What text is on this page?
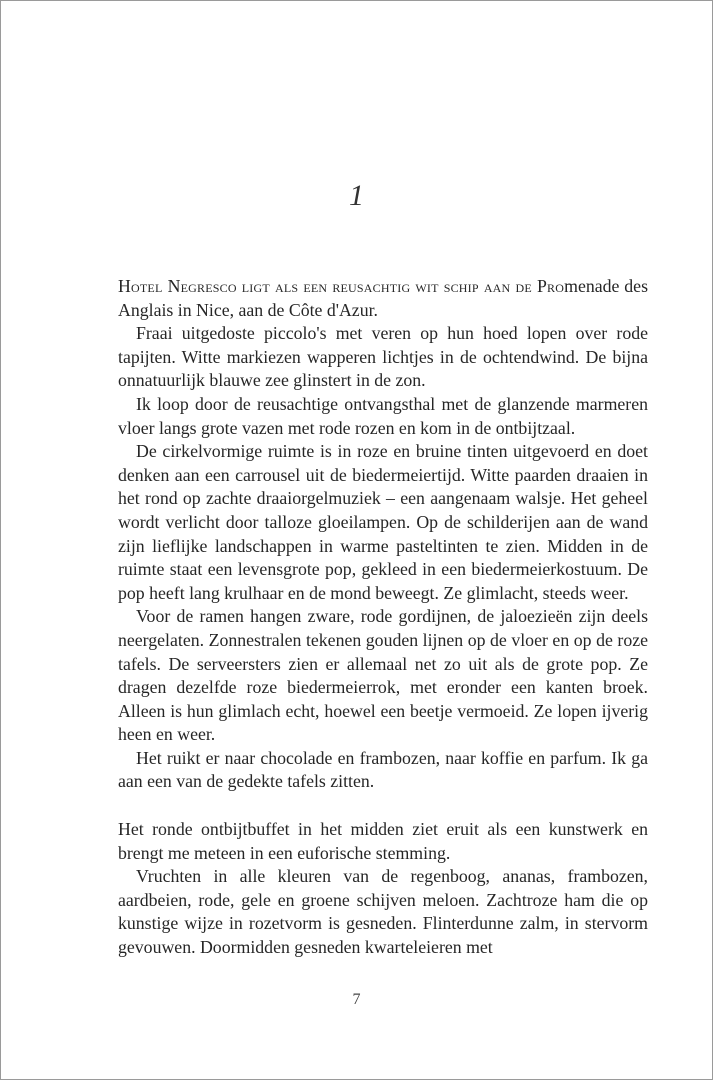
1

Hotel Negresco ligt als een reusachtig wit schip aan de Promenade des Anglais in Nice, aan de Côte d'Azur.

Fraai uitgedoste piccolo's met veren op hun hoed lopen over rode tapijten. Witte markiezen wapperen lichtjes in de ochtendwind. De bijna onnatuurlijk blauwe zee glinstert in de zon.

Ik loop door de reusachtige ontvangsthal met de glanzende marmeren vloer langs grote vazen met rode rozen en kom in de ontbijtzaal.

De cirkelvormige ruimte is in roze en bruine tinten uitgevoerd en doet denken aan een carrousel uit de biedermeiertijd. Witte paarden draaien in het rond op zachte draaiorgelmuziek – een aangenaam walsje. Het geheel wordt verlicht door talloze gloeilampen. Op de schilderijen aan de wand zijn lieflijke landschappen in warme pasteltinten te zien. Midden in de ruimte staat een levensgrote pop, gekleed in een biedermeierkostuum. De pop heeft lang krulhaar en de mond beweegt. Ze glimlacht, steeds weer.

Voor de ramen hangen zware, rode gordijnen, de jaloezieën zijn deels neergelaten. Zonnestralen tekenen gouden lijnen op de vloer en op de roze tafels. De serveersters zien er allemaal net zo uit als de grote pop. Ze dragen dezelfde roze biedermeierrok, met eronder een kanten broek. Alleen is hun glimlach echt, hoewel een beetje vermoeid. Ze lopen ijverig heen en weer.

Het ruikt er naar chocolade en frambozen, naar koffie en parfum. Ik ga aan een van de gedekte tafels zitten.

Het ronde ontbijtbuffet in het midden ziet eruit als een kunstwerk en brengt me meteen in een euforische stemming.

Vruchten in alle kleuren van de regenboog, ananas, frambozen, aardbeien, rode, gele en groene schijven meloen. Zachtroze ham die op kunstige wijze in rozetvorm is gesneden. Flinterdunne zalm, in stervorm gevouwen. Doormidden gesneden kwarteleieren met

7
